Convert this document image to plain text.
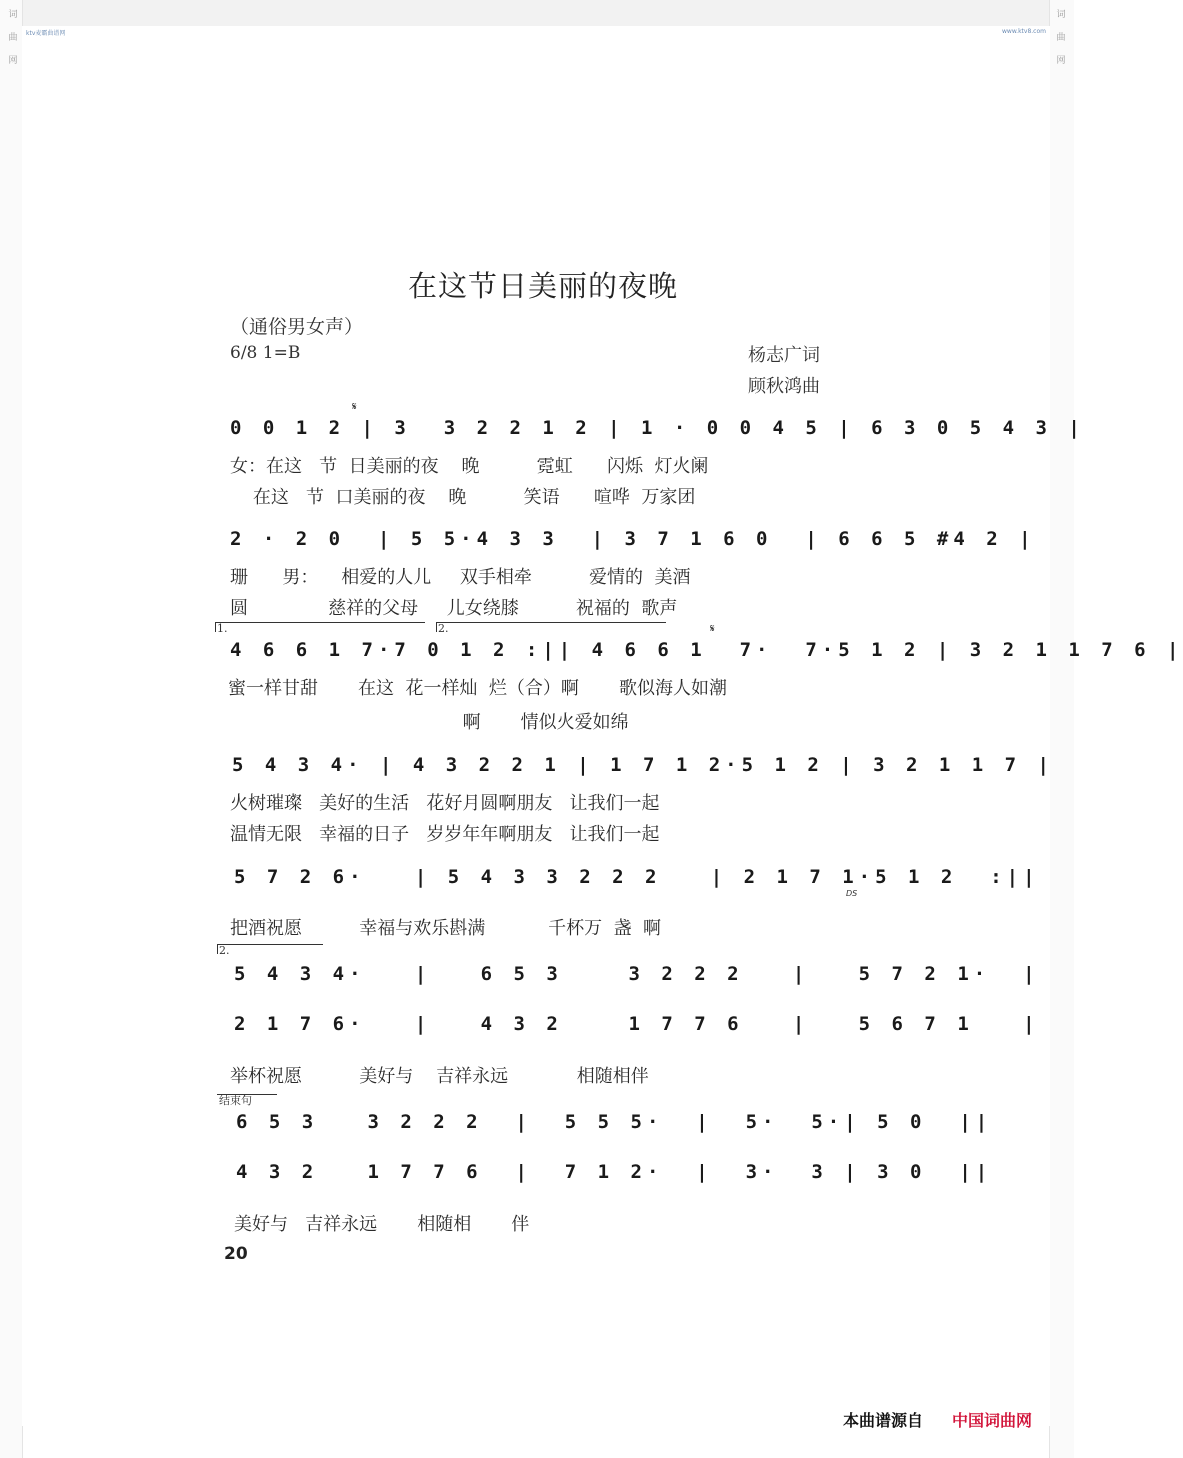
词
曲
网
词
曲
网
ktv麦霸曲谱网	www.ktv8.com
在这节日美丽的夜晚
（通俗男女声）
6/8 1=B	杨志广词
顾秋鸿曲
𝄋
0 0 1 2 | 3  3 2 2 1 2 | 1 · 0 0 4 5 | 6 3 0 5 4 3 |
女：在这   节  日美丽的夜    晚          霓虹      闪烁  灯火阑
在这   节  口美丽的夜    晚          笑语      喧哗  万家团
2 · 2 0  | 5 5·4 3 3  | 3 7 1 6 0  | 6 6 5 #4 2 |
珊      男：    相爱的人儿     双手相牵          爱情的  美酒
圆              慈祥的父母     儿女绕膝          祝福的  歌声
1.	2.	𝄋
4 6 6 1 7·7 0 1 2 :|| 4 6 6 1  7·  7·5 1 2 | 3 2 1 1 7 6 |
蜜一样甘甜       在这  花一样灿  烂（合）啊       歌似海人如潮
啊       情似火爱如绵
5 4 3 4· | 4 3 2 2 1 | 1 7 1 2·5 1 2 | 3 2 1 1 7 |
火树璀璨   美好的生活   花好月圆啊朋友   让我们一起
温情无限   幸福的日子   岁岁年年啊朋友   让我们一起
5 7 2 6·   | 5 4 3 3 2 2 2   | 2 1 7 1·5 1 2  :||
DS
把酒祝愿          幸福与欢乐斟满           千杯万  盏  啊
2.
5 4 3 4·   |   6 5 3    3 2 2 2   |   5 7 2 1·  |
2 1 7 6·   |   4 3 2    1 7 7 6   |   5 6 7 1   |
举杯祝愿          美好与    吉祥永远            相随相伴
结束句
6 5 3   3 2 2 2  |  5 5 5·  |  5·  5·| 5 0  ||
4 3 2   1 7 7 6  |  7 1 2·  |  3·  3 | 3 0  ||
美好与   吉祥永远       相随相       伴
20
本曲谱源自 中国词曲网
